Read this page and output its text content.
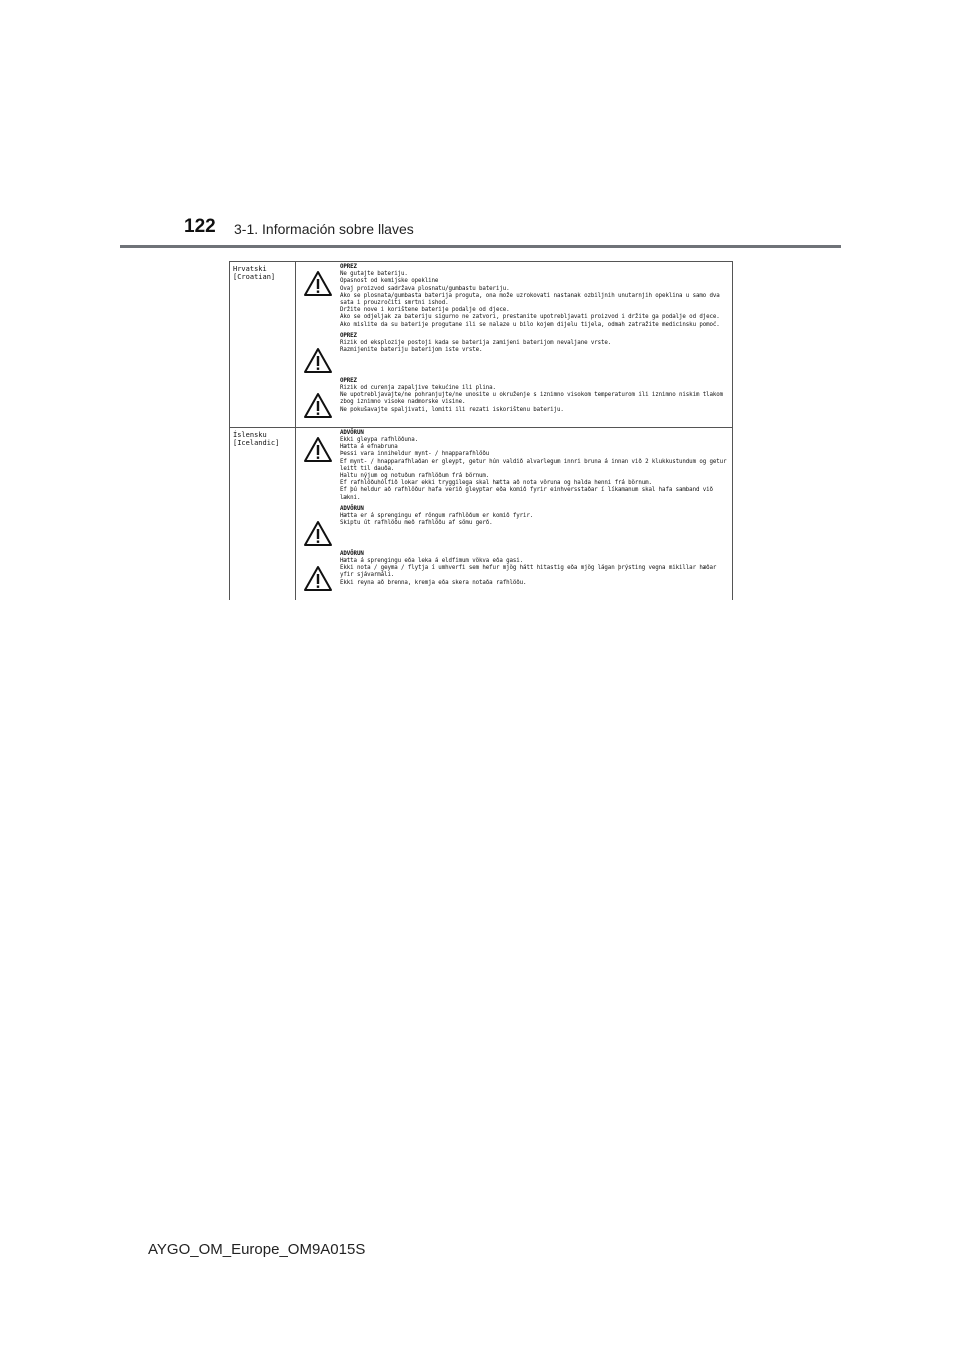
122 3-1. Información sobre llaves
Hrvatski
[Croatian]
OPREZ
Ne gutajte bateriju.
Opasnost od kemijske opekline
Ovaj proizvod sadržava plosnatu/gumbastu bateriju.
Ako se plosnata/gumbasta baterija proguta, ona može uzrokovati nastanak ozbiljnih unutarnjih opeklina u samo dva sata i prouzročiti smrtni ishod.
Držite nove i korištene baterije podalje od djece.
Ako se odjeljak za bateriju sigurno ne zatvori, prestanite upotrebljavati proizvod i držite ga podalje od djece.
Ako mislite da su baterije progutane ili se nalaze u bilo kojem dijelu tijela, odmah zatražite medicinsku pomoć.
OPREZ
Rizik od eksplozije postoji kada se baterija zamijeni baterijom nevaljane vrste.
Razmijenite bateriju baterijom iste vrste.
OPREZ
Rizik od curenja zapaljive tekućine ili plina.
Ne upotrebljavajte/ne pohranjujte/ne unosite u okruženje s iznimno visokom temperaturom ili iznimno niskim tlakom zbog iznimno visoke nadmorske visine.
Ne pokušavajte spaljivati, lomiti ili rezati iskorištenu bateriju.
Íslensku
[Icelandic]
ADVÖRUN
Ekki gleypa rafhlöðuna.
Hætta á efnabruna
Þessi vara inniheldur mynt- / hnapparafhlöðu
Ef mynt- / hnapparafhlaðan er gleypt, getur hún valdið alvarlegum innri bruna á innan við 2 klukkustundum og getur leitt til dauða.
Haltu nýjum og notuðum rafhlöðum frá börnum.
Ef rafhlöðuhólfið lokar ekki tryggilega skal hætta að nota vöruna og halda henni frá börnum.
Ef þú heldur að rafhlöður hafa verið gleyptar eða komið fyrir einhversstaðar í líkamanum skal hafa samband við lækni.
ADVÖRUN
Hætta er á sprengingu ef röngum rafhlöðum er komið fyrir.
Skiptu út rafhlöðu með rafhlöðu af sömu gerð.
ADVÖRUN
Hætta á sprengingu eða leka á eldfimum vökva eða gasi.
Ekki nota / geyma / flytja í umhverfi sem hefur mjög hátt hitastig eða mjög lágan þrýsting vegna mikillar hæðar yfir sjávarmáli.
Ekki reyna að brenna, kremja eða skera notaða rafhlöðu.
AYGO_OM_Europe_OM9A015S
